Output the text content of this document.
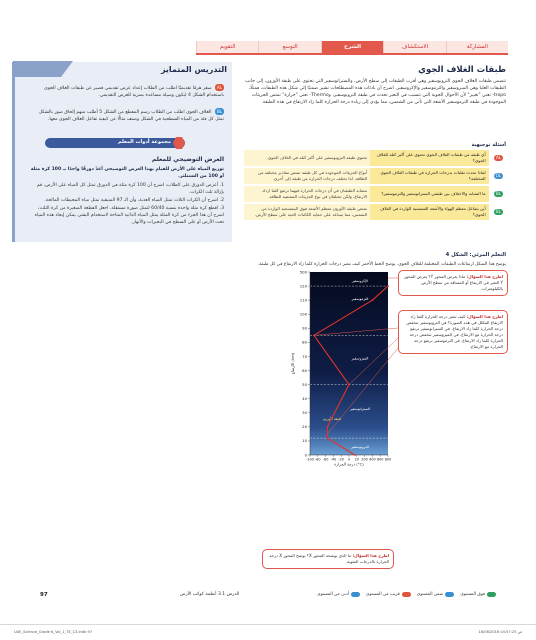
المشاركة
الاستكشاف
الشرح
التوسع
التقويم
التدريس المتمايز

AL سقر هرمًا تقديميًا اطلب من الطلاب إعداد عرض تقديمي قصير عن طبقات الغلاف الجوي باستخدام الشكل 4 ليكون وسيلة مساعدة بصرية للعرض التقديمي.

BL الغلاف الجوي اطلب من الطلاب رسم المقطع من الشكل 5 أطلب منهم إلحاق صور بالشكل تمثل كل فئة من المياه السطحية في الشكل وصنف مثالًا عن كيفية تفاعل الغلاف الجوي معها.

مجموعة أدوات المعلم
العرض التوضيحي للمعلم

توزيع المياه على الأرض للقيام بهذا العرض التوضيحي أعدّ دورقًا واحدًا بـ 100 كرة مثلة أو 100 من السنتلتر.

1. أعرض الدورق على الطلاب، اشرح أن 100 كرة مثلة في الدورق تمثل كل المياه على الأرض، قم بإزالة ثلث الكرات.

2. اشرح أن الكرات الثلاث تمثل المياه العذبة، وأن الـ 97 المتبقية تمثل مياه المحيطات المالحة.

3. اقطع كرة مثلة واحدة بنسبة 60/40 لتمثل صورة مستقلة. اجعل القطعة الصغيرة من كرة الثلث، اشرح أن هذا الجزء من كرة المثلة يمثل المياه الذاتية المتاحة لاستخدام البشر، يمكن إيجاد هذه المياه تحت الأرض أو على السطح في البحيرات والأنهار.

طبقات الغلاف الجوي

تتضمن طبقات الغلاف الجوي التروبوسفير وهي أقرب الطبقات إلى سطح الأرض، والستراتوسفير التي تحتوي على طبقة الأوزون، إلى جانب الطبقات العليا وهي الميزوسفير والثرموسفير والإكزوسفير. اشرح أن بادئات هذه المصطلحات تشير ضمنيًا إلى شكل هذه الطبقات، فمثلًا، tropo- تعني "تغيير" لأن الأحوال الجوية التي تتسبب في التغير تحدث في طبقة التروبوسفير، وThermo- تعني "حرارة" تمتص الجزيئات الموجودة في طبقة الثرموسفير الأشعة التي تأتي من الشمس، مما يؤدي إلى زيادة درجة الحرارة كلما زاد الارتفاع في هذه الطبقة.

أسئلة توجيهية
AL	أي طبقة من طبقات الغلاف الجوي تحتوي على أكبر كتلة للغلاف الجوي؟	تحتوي طبقة التروبوسفير على أكبر كتلة في الغلاف الجوي.
OL	لماذا تحدث تقلبات بدرجات الحرارة في طبقات الغلاف الجوي المختلفة؟	أنواع الجزيئات الموجودة في كل طبقة تمتص مقادير مختلفة من الطاقة، لذا تختلف درجات الحرارة من طبقة إلى أخرى.
BL	ما التشابه والاختلاف بين طبقتي الستراتوسفير والثرموسفير؟	تتشابه الطبقتان في أن درجات الحرارة فيهما ترتفع كلما ازداد الارتفاع، ولكن تختلفان في نوع الجزيئات الممتصة للطاقة.
BL	أين يتفاعل معظم الهواء والأشعة الشمسية الواردة في الغلاف الجوي؟	تمتص طبقة الأوزون معظم الأشعة فوق البنفسجية الواردة من الشمس، مما يساعد على حماية الكائنات الحية على سطح الأرض.
التعلم المرئي: الشكل 4

يوضح هذا الشكل ارتفاعات الطبقات المختلفة للغلاف الجوي. يوضح الخط الأحمر كيف تتغير درجات الحرارة كلما زاد الارتفاع في كل طبقة.

الإكزوسفير
الثرموسفير
الميزوسفير
الستراتوسفير
التروبوسفير
طبقة الأوزون
500
120
110
100
90
80
70
60
50
40
30
20
10
0
الارتفاع (km)
-100 -80 -60 -40 -20 0 20 200 400 600 800
درجة الحرارة (°C)

اطرح هذا السؤال: ماذا يعرض المحور Y؟ يعرض المحور Y التغير في الارتفاع أو المسافة من سطح الأرض بالكيلومترات.

اطرح هذا السؤال: كيف تتغير درجة الحرارة كلما زاد الارتفاع المكلل في هذه الصورة؟ في التروبوسفير تنخفض درجة الحرارة كلما زاد الارتفاع. في الستراتوسفير ترتفع درجة الحرارة مع الارتفاع. في الميزوسفير تنخفض درجة الحرارة كلما زاد الارتفاع. في الثرموسفير ترتفع درجة الحرارة مع الارتفاع.

اطرح هذا السؤال: ما الذي يوضحه المحور X؟ يوضح المحور X درجة الحرارة بالدرجات المئوية.

97	الدرس 3.1 أنظمة كوكب الأرض	فوق المستوى
ضمن المستوى
قريب من المستوى
أدنى من المستوى
UAE_Science_Grade 6_Vol_1_TE_C3.indb 97	18/08/2016 04:57:25 ﺹ
